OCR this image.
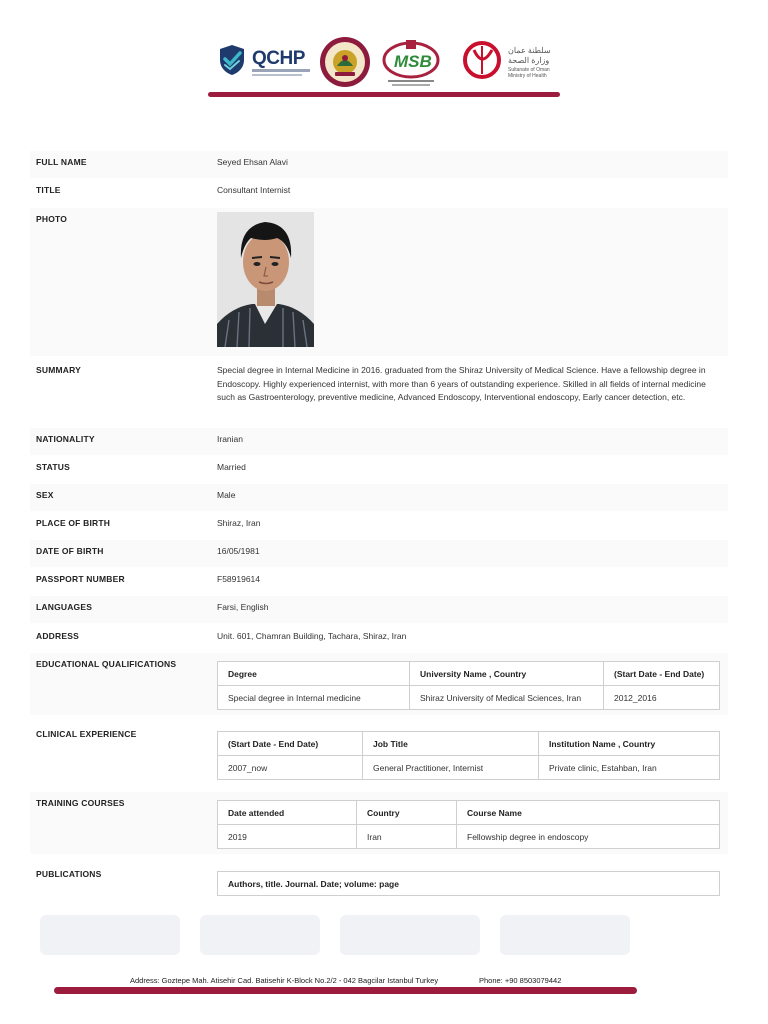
QCHP	MSB
سلطنة عمان
وزارة الصحة
Sultanate of Oman
Ministry of Health
FULL NAME	Seyed Ehsan Alavi
TITLE	Consultant Internist
PHOTO
SUMMARY	Special degree in Internal Medicine in 2016. graduated from the Shiraz University of Medical Science. Have a fellowship degree in Endoscopy. Highly experienced internist, with more than 6 years of outstanding experience. Skilled in all fields of internal medicine such as Gastroenterology, preventive medicine, Advanced Endoscopy, Interventional endoscopy, Early cancer detection, etc.
NATIONALITY	Iranian
STATUS	Married
SEX	Male
PLACE OF BIRTH	Shiraz, Iran
DATE OF BIRTH	16/05/1981
PASSPORT NUMBER	F58919614
LANGUAGES	Farsi, English
ADDRESS	Unit. 601, Chamran Building, Tachara, Shiraz, Iran
EDUCATIONAL QUALIFICATIONS
Degree	University Name , Country	(Start Date - End Date)
Special degree in Internal medicine	Shiraz University of Medical Sciences, Iran	2012_2016
CLINICAL EXPERIENCE
(Start Date - End Date)	Job Title	Institution Name , Country
2007_now	General Practitioner, Internist	Private clinic, Estahban, Iran
TRAINING COURSES
Date attended	Country	Course Name
2019	Iran	Fellowship degree in endoscopy
PUBLICATIONS
Authors, title. Journal. Date; volume: page
Address: Goztepe Mah. Atisehir Cad. Batisehir K-Block No.2/2 - 042 Bagcilar Istanbul Turkey	Phone: +90 8503079442
